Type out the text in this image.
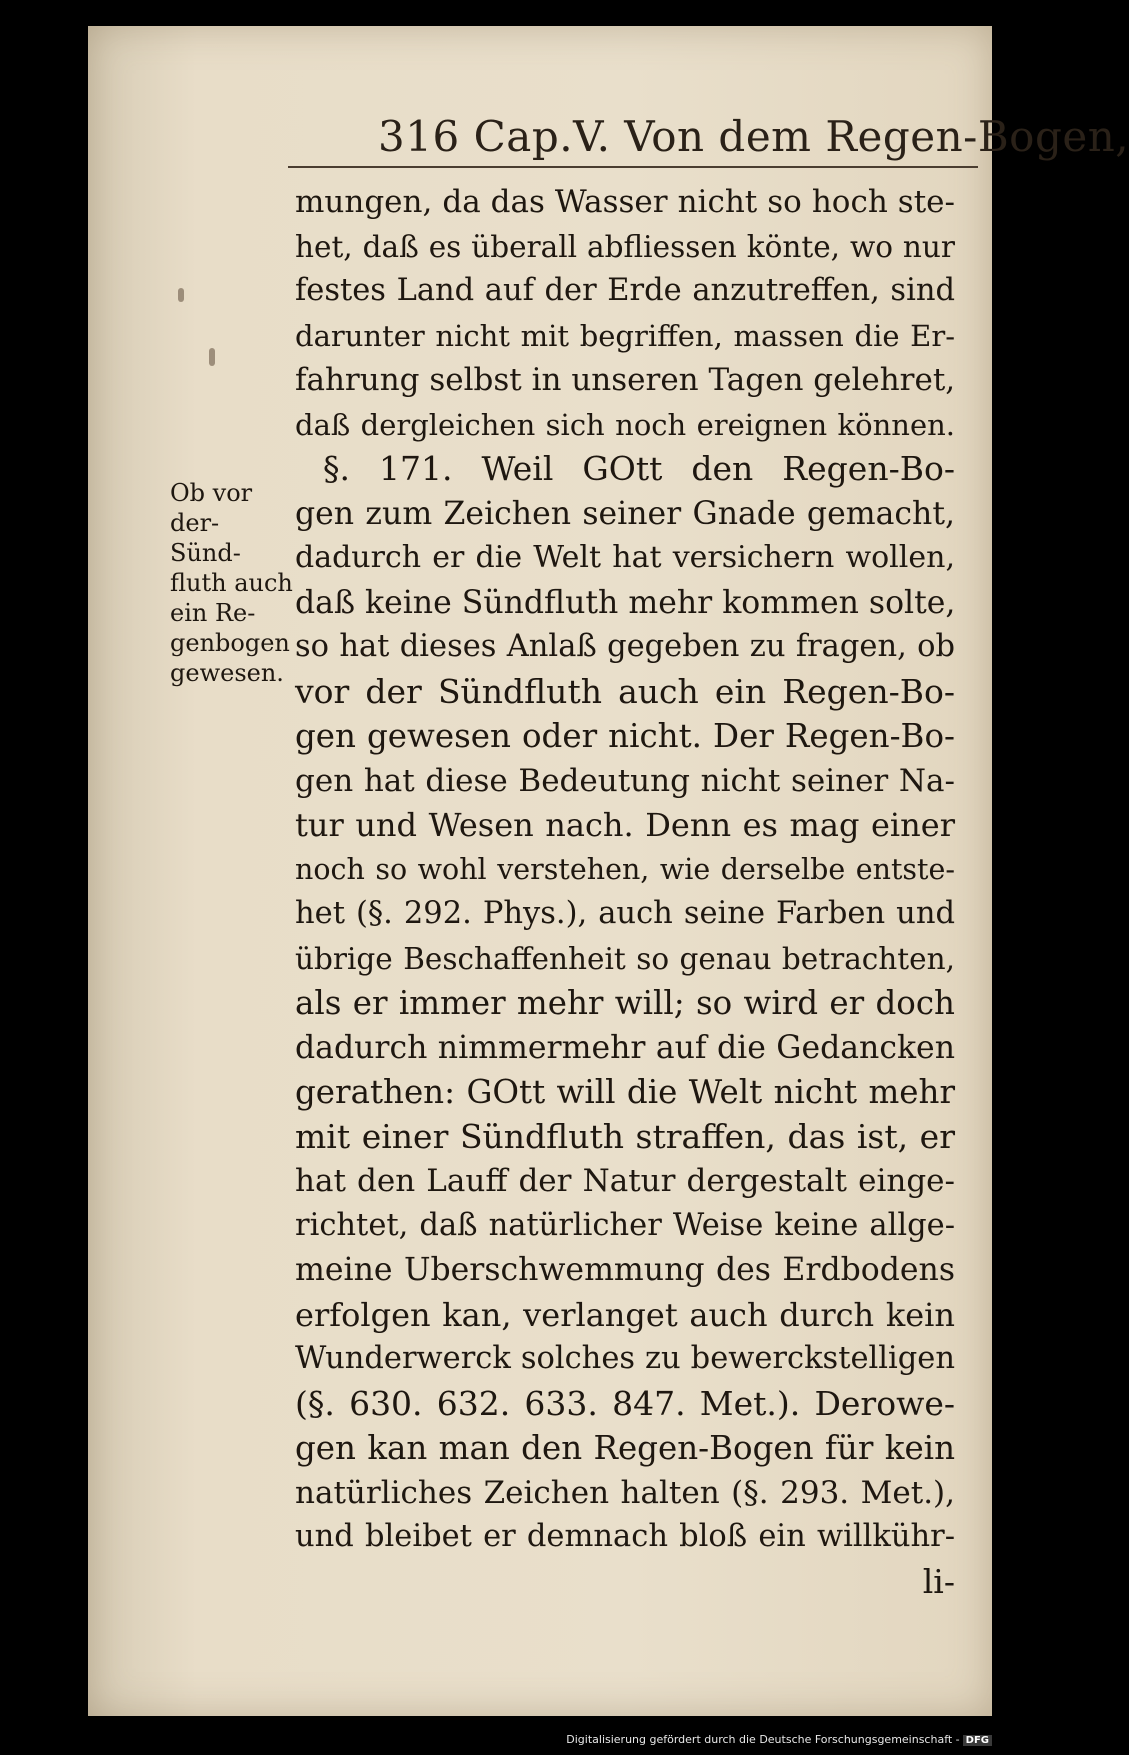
316 Cap.V. Von dem Regen-Bogen,
Ob vor
der-
Sünd-
fluth auch
ein Re-
genbogen
gewesen.
mungen, da das Wasser nicht so hoch ste-
het, daß es überall abfliessen könte, wo nur
festes Land auf der Erde anzutreffen, sind
darunter nicht mit begriffen, massen die Er-
fahrung selbst in unseren Tagen gelehret,
daß dergleichen sich noch ereignen können.
§. 171. Weil GOtt den Regen-Bo-
gen zum Zeichen seiner Gnade gemacht,
dadurch er die Welt hat versichern wollen,
daß keine Sündfluth mehr kommen solte,
so hat dieses Anlaß gegeben zu fragen, ob
vor der Sündfluth auch ein Regen-Bo-
gen gewesen oder nicht. Der Regen-Bo-
gen hat diese Bedeutung nicht seiner Na-
tur und Wesen nach. Denn es mag einer
noch so wohl verstehen, wie derselbe entste-
het (§. 292. Phys.), auch seine Farben und
übrige Beschaffenheit so genau betrachten,
als er immer mehr will; so wird er doch
dadurch nimmermehr auf die Gedancken
gerathen: GOtt will die Welt nicht mehr
mit einer Sündfluth straffen, das ist, er
hat den Lauff der Natur dergestalt einge-
richtet, daß natürlicher Weise keine allge-
meine Uberschwemmung des Erdbodens
erfolgen kan, verlanget auch durch kein
Wunderwerck solches zu bewerckstelligen
(§. 630. 632. 633. 847. Met.). Derowe-
gen kan man den Regen-Bogen für kein
natürliches Zeichen halten (§. 293. Met.),
und bleibet er demnach bloß ein willkühr-
li-
Digitalisierung gefördert durch die Deutsche Forschungsgemeinschaft - DFG
